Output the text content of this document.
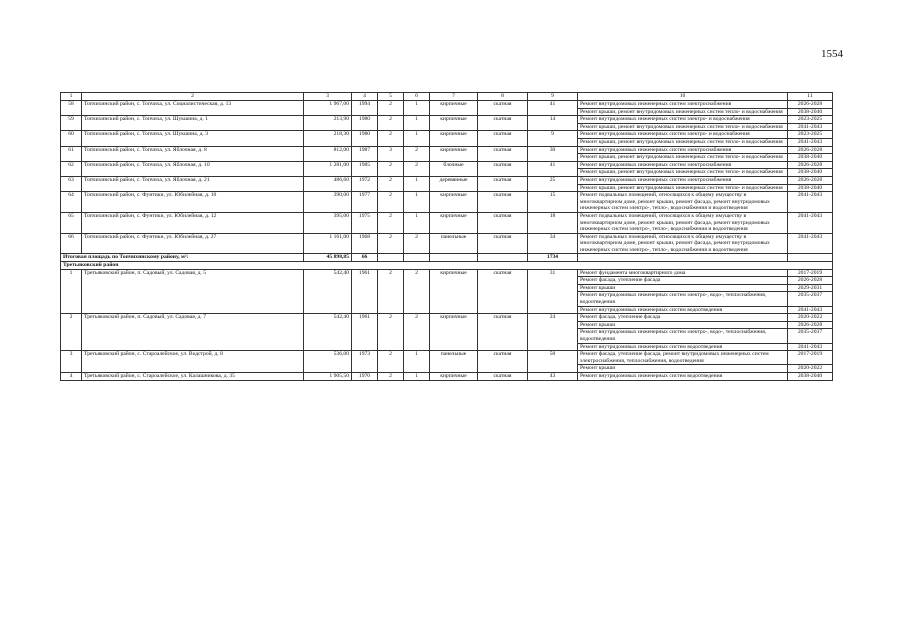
1554
1	2	3	4	5	6	7	8	9	10	11
58	Топчихинский район, с. Топчиха, ул. Социалистическая, д. 13	1 967,00	1994	2	1	кирпичные	скатная	41	Ремонт внутридомовых инженерных систем электроснабжения	2026-2028
									Ремонт крыши, ремонт внутридомовых инженерных систем тепло- и водоснабжения	2038-2040
59	Топчихинский район, с. Топчиха, ул. Шукшина, д. 1	213,90	1980	2	1	кирпичные	скатная	14	Ремонт внутридомовых инженерных систем электро- и водоснабжения	2023-2025
									Ремонт крыши, ремонт внутридомовых инженерных систем тепло- и водоснабжения	2041-2043
60	Топчихинский район, с. Топчиха, ул. Шукшина, д. 3	218,30	1980	2	1	кирпичные	скатная	9	Ремонт внутридомовых инженерных систем электро- и водоснабжения	2023-2025
									Ремонт крыши, ремонт внутридомовых инженерных систем тепло- и водоснабжения	2041-2043
61	Топчихинский район, с. Топчиха, ул. Яблочная, д. 8	812,00	1987	3	2	кирпичные	скатная	30	Ремонт внутридомовых инженерных систем электроснабжения	2026-2028
									Ремонт крыши, ремонт внутридомовых инженерных систем тепло- и водоснабжения	2038-2040
62	Топчихинский район, с. Топчиха, ул. Яблочная, д. 10	1 281,00	1985	2	2	блочные	скатная	41	Ремонт внутридомовых инженерных систем электроснабжения	2026-2028
									Ремонт крыши, ремонт внутридомовых инженерных систем тепло- и водоснабжения	2038-2040
63	Топчихинский район, с. Топчиха, ул. Яблочная, д. 21	486,60	1972	2	1	деревянные	скатная	25	Ремонт внутридомовых инженерных систем электроснабжения	2026-2028
									Ремонт крыши, ремонт внутридомовых инженерных систем тепло- и водоснабжения	2038-2040
64	Топчихинский район, с. Фунтики, ул. Юбилейная, д. 10	390,00	1977	2	1	кирпичные	скатная	15	Ремонт подвальных помещений, относящихся к общему имуществу в многоквартирном доме, ремонт крыши, ремонт фасада, ремонт внутридомовых инженерных систем электро-, тепло-, водоснабжения и водоотведения	2041-2043
65	Топчихинский район, с. Фунтики, ул. Юбилейная, д. 12	395,00	1975	2	1	кирпичные	скатная	18	Ремонт подвальных помещений, относящихся к общему имуществу в многоквартирном доме, ремонт крыши, ремонт фасада, ремонт внутридомовых инженерных систем электро-, тепло-, водоснабжения и водоотведения	2041-2043
66	Топчихинский район, с. Фунтики, ул. Юбилейная, д. 27	1 161,00	1968	2	2	панельные	скатная	34	Ремонт подвальных помещений, относящихся к общему имуществу в многоквартирном доме, ремонт крыши, ремонт фасада, ремонт внутридомовых инженерных систем электро-, тепло-, водоснабжения и водоотведения	2041-2043
Итоговая площадь по Топчихинскому району, м²:		45 898,85	66					1734		
Третьяковский район										
1	Третьяковский район, п. Садовый, ул. Садовая, д. 5	542,40	1961	2	2	кирпичные	скатная	31	Ремонт фундамента многоквартирного дома	2017-2019
									Ремонт фасада, утепление фасада	2026-2028
									Ремонт крыши	2029-2031
									Ремонт внутридомовых инженерных систем электро-, водо-, теплоснабжения, водоотведения	2035-2037
									Ремонт внутридомовых инженерных систем водоотведения	2041-2043
2	Третьяковский район, п. Садовый, ул. Садовая, д. 7	542,40	1961	2	2	кирпичные	скатная	24	Ремонт фасада, утепление фасада	2020-2022
									Ремонт крыши	2026-2028
									Ремонт внутридомовых инженерных систем электро-, водо-, теплоснабжения, водоотведения	2035-2037
									Ремонт внутридомовых инженерных систем водоотведения	2041-2043
3	Третьяковский район, с. Староалейское, ул. Водстрой, д. 8	536,00	1973	2	1	панельные	скатная	50	Ремонт фасада, утепление фасада, ремонт внутридомовых инженерных систем электроснабжения, теплоснабжения, водоотведения	2017-2019
									Ремонт крыши	2020-2022
4	Третьяковский район, с. Староалейское, ул. Калашникова, д. 35	1 905,50	1970	2	1	кирпичные	скатная	43	Ремонт внутридомовых инженерных систем водоотведения	2038-2040
